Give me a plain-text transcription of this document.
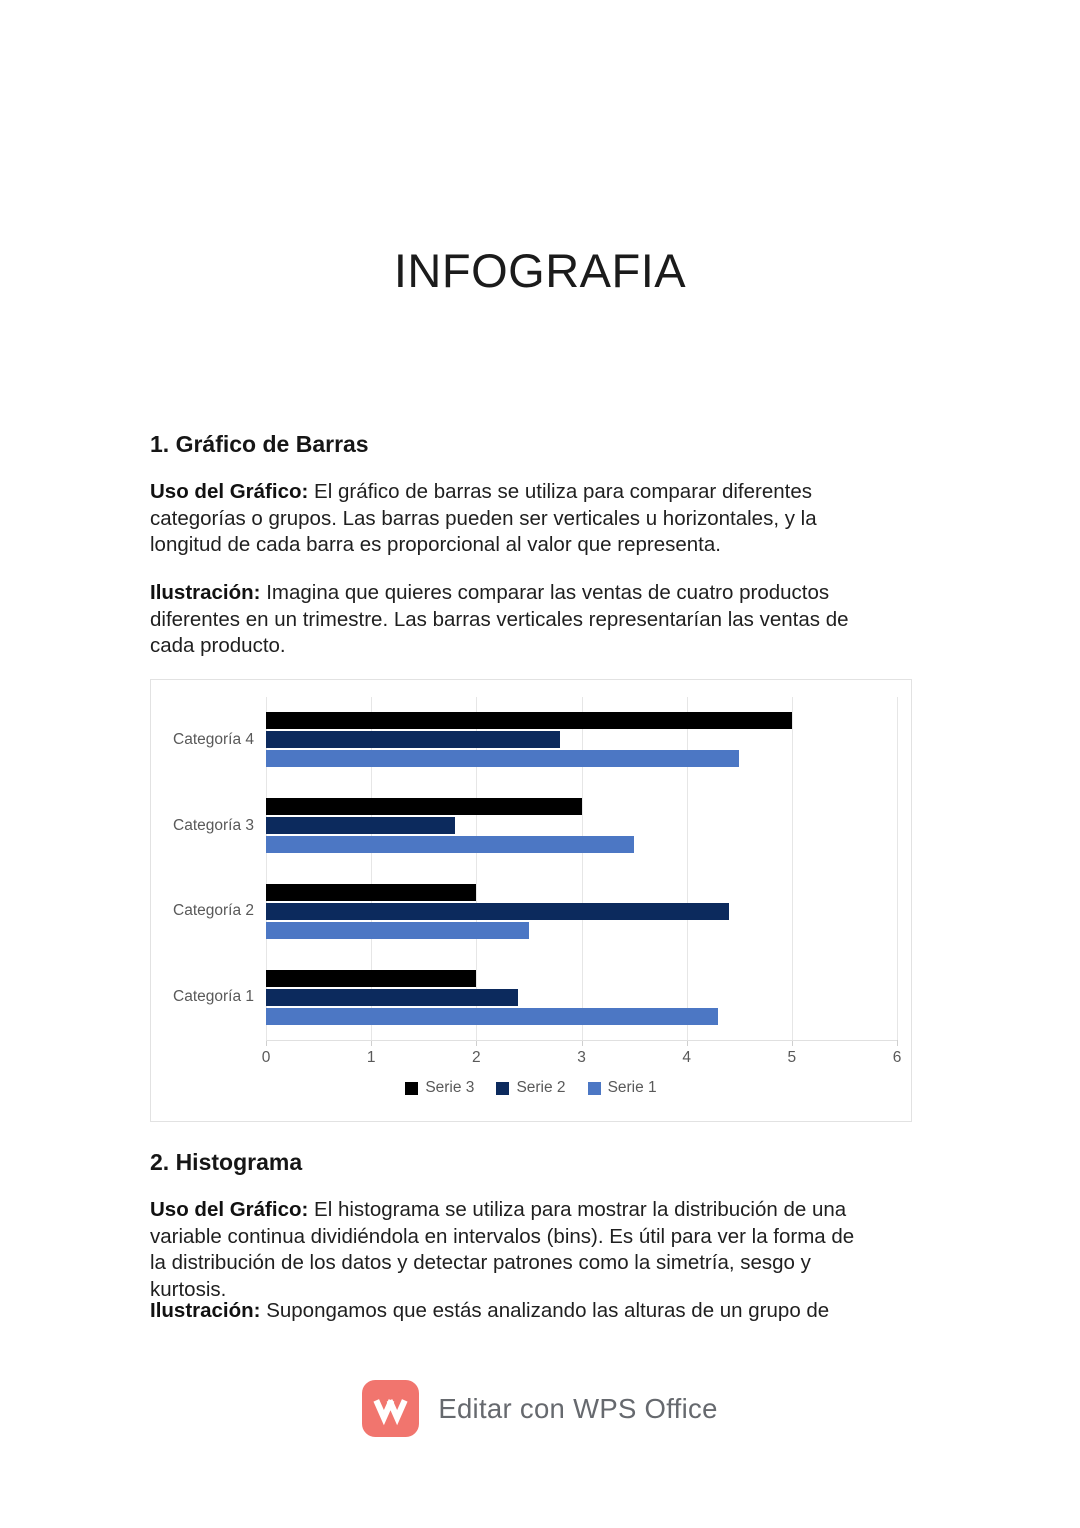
INFOGRAFIA
1. Gráfico de Barras

Uso del Gráfico: El gráfico de barras se utiliza para comparar diferentes categorías o grupos. Las barras pueden ser verticales u horizontales, y la longitud de cada barra es proporcional al valor que representa.

Ilustración: Imagina que quieres comparar las ventas de cuatro productos diferentes en un trimestre. Las barras verticales representarían las ventas de cada producto.

0	1	2	3	4	5	6
Categoría 4
Categoría 3
Categoría 2
Categoría 1
Serie 3	Serie 2	Serie 1
2. Histograma

Uso del Gráfico: El histograma se utiliza para mostrar la distribución de una variable continua dividiéndola en intervalos (bins). Es útil para ver la forma de la distribución de los datos y detectar patrones como la simetría, sesgo y kurtosis.

Ilustración: Supongamos que estás analizando las alturas de un grupo de

Editar con WPS Office
